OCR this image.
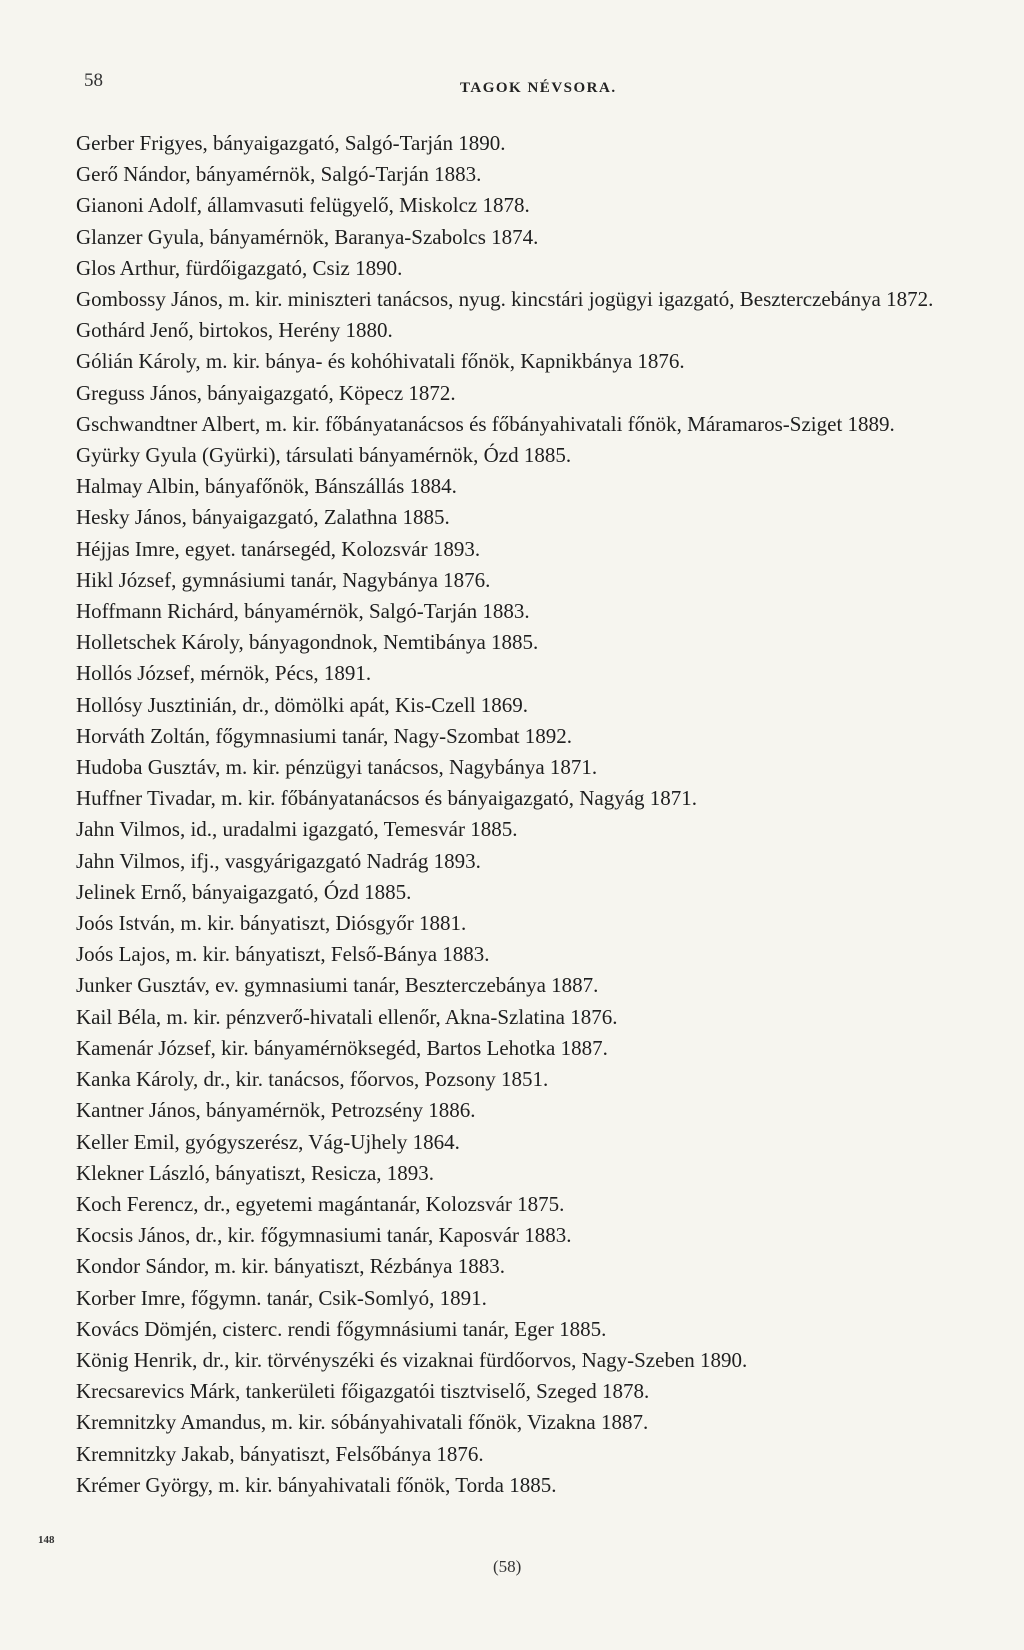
58	TAGOK NÉVSORA.
Gerber Frigyes, bányaigazgató, Salgó-Tarján 1890.
Gerő Nándor, bányamérnök, Salgó-Tarján 1883.
Gianoni Adolf, államvasuti felügyelő, Miskolcz 1878.
Glanzer Gyula, bányamérnök, Baranya-Szabolcs 1874.
Glos Arthur, fürdőigazgató, Csiz 1890.
Gombossy János, m. kir. miniszteri tanácsos, nyug. kincstári jogügyi igazgató, Beszterczebánya 1872.
Gothárd Jenő, birtokos, Herény 1880.
Gólián Károly, m. kir. bánya- és kohóhivatali főnök, Kapnikbánya 1876.
Greguss János, bányaigazgató, Köpecz 1872.
Gschwandtner Albert, m. kir. főbányatanácsos és főbányahivatali főnök, Máramaros-Sziget 1889.
Gyürky Gyula (Gyürki), társulati bányamérnök, Ózd 1885.
Halmay Albin, bányafőnök, Bánszállás 1884.
Hesky János, bányaigazgató, Zalathna 1885.
Héjjas Imre, egyet. tanársegéd, Kolozsvár 1893.
Hikl József, gymnásiumi tanár, Nagybánya 1876.
Hoffmann Richárd, bányamérnök, Salgó-Tarján 1883.
Holletschek Károly, bányagondnok, Nemtibánya 1885.
Hollós József, mérnök, Pécs, 1891.
Hollósy Jusztinián, dr., dömölki apát, Kis-Czell 1869.
Horváth Zoltán, főgymnasiumi tanár, Nagy-Szombat 1892.
Hudoba Gusztáv, m. kir. pénzügyi tanácsos, Nagybánya 1871.
Huffner Tivadar, m. kir. főbányatanácsos és bányaigazgató, Nagyág 1871.
Jahn Vilmos, id., uradalmi igazgató, Temesvár 1885.
Jahn Vilmos, ifj., vasgyárigazgató Nadrág 1893.
Jelinek Ernő, bányaigazgató, Ózd 1885.
Joós István, m. kir. bányatiszt, Diósgyőr 1881.
Joós Lajos, m. kir. bányatiszt, Felső-Bánya 1883.
Junker Gusztáv, ev. gymnasiumi tanár, Beszterczebánya 1887.
Kail Béla, m. kir. pénzverő-hivatali ellenőr, Akna-Szlatina 1876.
Kamenár József, kir. bányamérnöksegéd, Bartos Lehotka 1887.
Kanka Károly, dr., kir. tanácsos, főorvos, Pozsony 1851.
Kantner János, bányamérnök, Petrozsény 1886.
Keller Emil, gyógyszerész, Vág-Ujhely 1864.
Klekner László, bányatiszt, Resicza, 1893.
Koch Ferencz, dr., egyetemi magántanár, Kolozsvár 1875.
Kocsis János, dr., kir. főgymnasiumi tanár, Kaposvár 1883.
Kondor Sándor, m. kir. bányatiszt, Rézbánya 1883.
Korber Imre, főgymn. tanár, Csik-Somlyó, 1891.
Kovács Dömjén, cisterc. rendi főgymnásiumi tanár, Eger 1885.
König Henrik, dr., kir. törvényszéki és vizaknai fürdőorvos, Nagy-Szeben 1890.
Krecsarevics Márk, tankerületi főigazgatói tisztviselő, Szeged 1878.
Kremnitzky Amandus, m. kir. sóbányahivatali főnök, Vizakna 1887.
Kremnitzky Jakab, bányatiszt, Felsőbánya 1876.
Krémer György, m. kir. bányahivatali főnök, Torda 1885.
148
(58)
